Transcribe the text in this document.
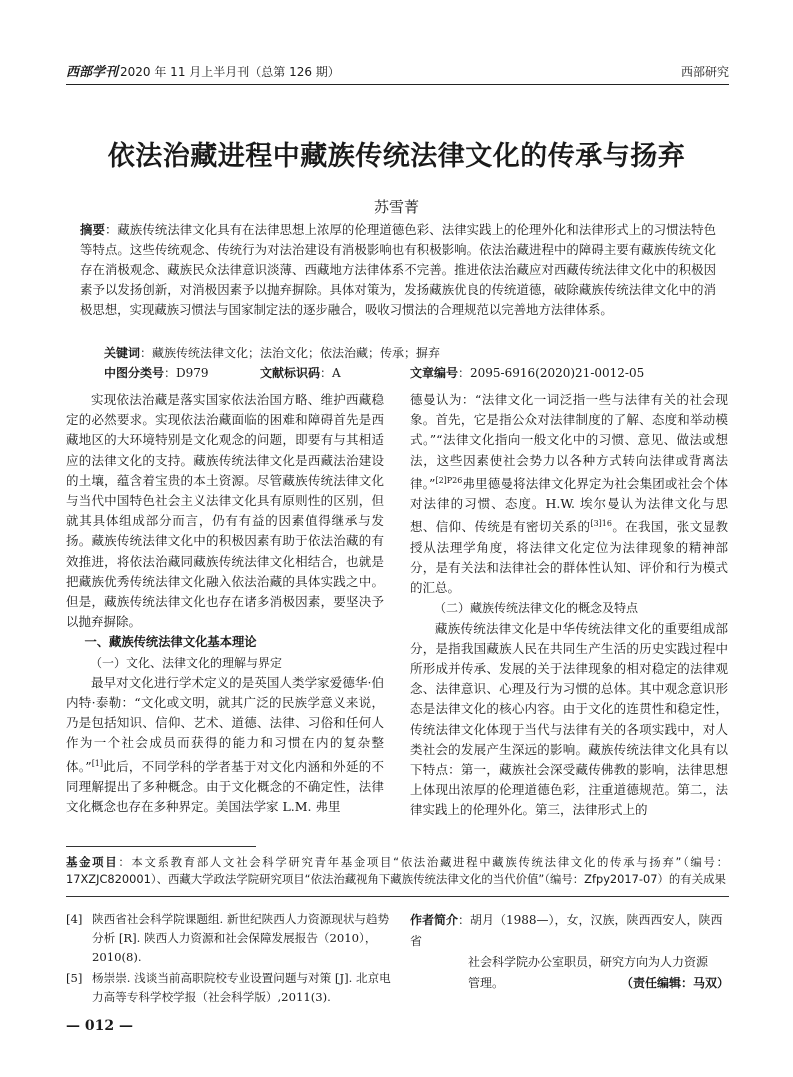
西部学刊 2020 年 11 月上半月刊（总第 126 期）	西部研究
依法治藏进程中藏族传统法律文化的传承与扬弃
苏雪菁
摘要：藏族传统法律文化具有在法律思想上浓厚的伦理道德色彩、法律实践上的伦理外化和法律形式上的习惯法特色等特点。这些传统观念、传统行为对法治建设有消极影响也有积极影响。依法治藏进程中的障碍主要有藏族传统文化存在消极观念、藏族民众法律意识淡薄、西藏地方法律体系不完善。推进依法治藏应对西藏传统法律文化中的积极因素予以发扬创新，对消极因素予以抛弃摒除。具体对策为，发扬藏族优良的传统道德，破除藏族传统法律文化中的消极思想，实现藏族习惯法与国家制定法的逐步融合，吸收习惯法的合理规范以完善地方法律体系。
关键词：藏族传统法律文化；法治文化；依法治藏；传承；摒弃
中图分类号：D979	文献标识码：A	文章编号：2095-6916(2020)21-0012-05

实现依法治藏是落实国家依法治国方略、维护西藏稳定的必然要求。实现依法治藏面临的困难和障碍首先是西藏地区的大环境特别是文化观念的问题，即要有与其相适应的法律文化的支持。藏族传统法律文化是西藏法治建设的土壤，蕴含着宝贵的本土资源。尽管藏族传统法律文化与当代中国特色社会主义法律文化具有原则性的区别，但就其具体组成部分而言，仍有有益的因素值得继承与发扬。藏族传统法律文化中的积极因素有助于依法治藏的有效推进，将依法治藏同藏族传统法律文化相结合，也就是把藏族优秀传统法律文化融入依法治藏的具体实践之中。但是，藏族传统法律文化也存在诸多消极因素，要坚决予以抛弃摒除。

一、藏族传统法律文化基本理论

（一）文化、法律文化的理解与界定

最早对文化进行学术定义的是英国人类学家爱德华·伯内特·泰勒：“文化或文明，就其广泛的民族学意义来说，乃是包括知识、信仰、艺术、道德、法律、习俗和任何人作为一个社会成员而获得的能力和习惯在内的复杂整体。”[1]此后，不同学科的学者基于对文化内涵和外延的不同理解提出了多种概念。由于文化概念的不确定性，法律文化概念也存在多种界定。美国法学家 L.M. 弗里

德曼认为：“法律文化一词泛指一些与法律有关的社会现象。首先，它是指公众对法律制度的了解、态度和举动模式。”“法律文化指向一般文化中的习惯、意见、做法或想法，这些因素使社会势力以各种方式转向法律或背离法律。”$^{[2]P26}$弗里德曼将法律文化界定为社会集团或社会个体对法律的习惯、态度。H.W. 埃尔曼认为法律文化与思想、信仰、传统是有密切关系的$^{[3]16}$。在我国，张文显教授从法理学角度，将法律文化定位为法律现象的精神部分，是有关法和法律社会的群体性认知、评价和行为模式的汇总。

（二）藏族传统法律文化的概念及特点

藏族传统法律文化是中华传统法律文化的重要组成部分，是指我国藏族人民在共同生产生活的历史实践过程中所形成并传承、发展的关于法律现象的相对稳定的法律观念、法律意识、心理及行为习惯的总体。其中观念意识形态是法律文化的核心内容。由于文化的连贯性和稳定性，传统法律文化体现于当代与法律有关的各项实践中，对人类社会的发展产生深远的影响。藏族传统法律文化具有以下特点：第一，藏族社会深受藏传佛教的影响，法律思想上体现出浓厚的伦理道德色彩，注重道德规范。第二，法律实践上的伦理外化。第三，法律形式上的

基金项目：本文系教育部人文社会科学研究青年基金项目“依法治藏进程中藏族传统法律文化的传承与扬弃”（编号：17XZJC820001）、西藏大学政法学院研究项目“依法治藏视角下藏族传统法律文化的当代价值”（编号：Zfpy2017-07）的有关成果
[4] 陕西省社会科学院课题组. 新世纪陕西人力资源现状与趋势分析 [R]. 陕西人力资源和社会保障发展报告（2010），2010(8).
[5] 杨崇崇. 浅谈当前高职院校专业设置问题与对策 [J]. 北京电力高等专科学校学报（社会科学版）,2011(3).
作者简介：胡月（1988—），女，汉族，陕西西安人，陕西省
社会科学院办公室职员，研究方向为人力资源
管理。	（责任编辑：马双）
— 012 —
